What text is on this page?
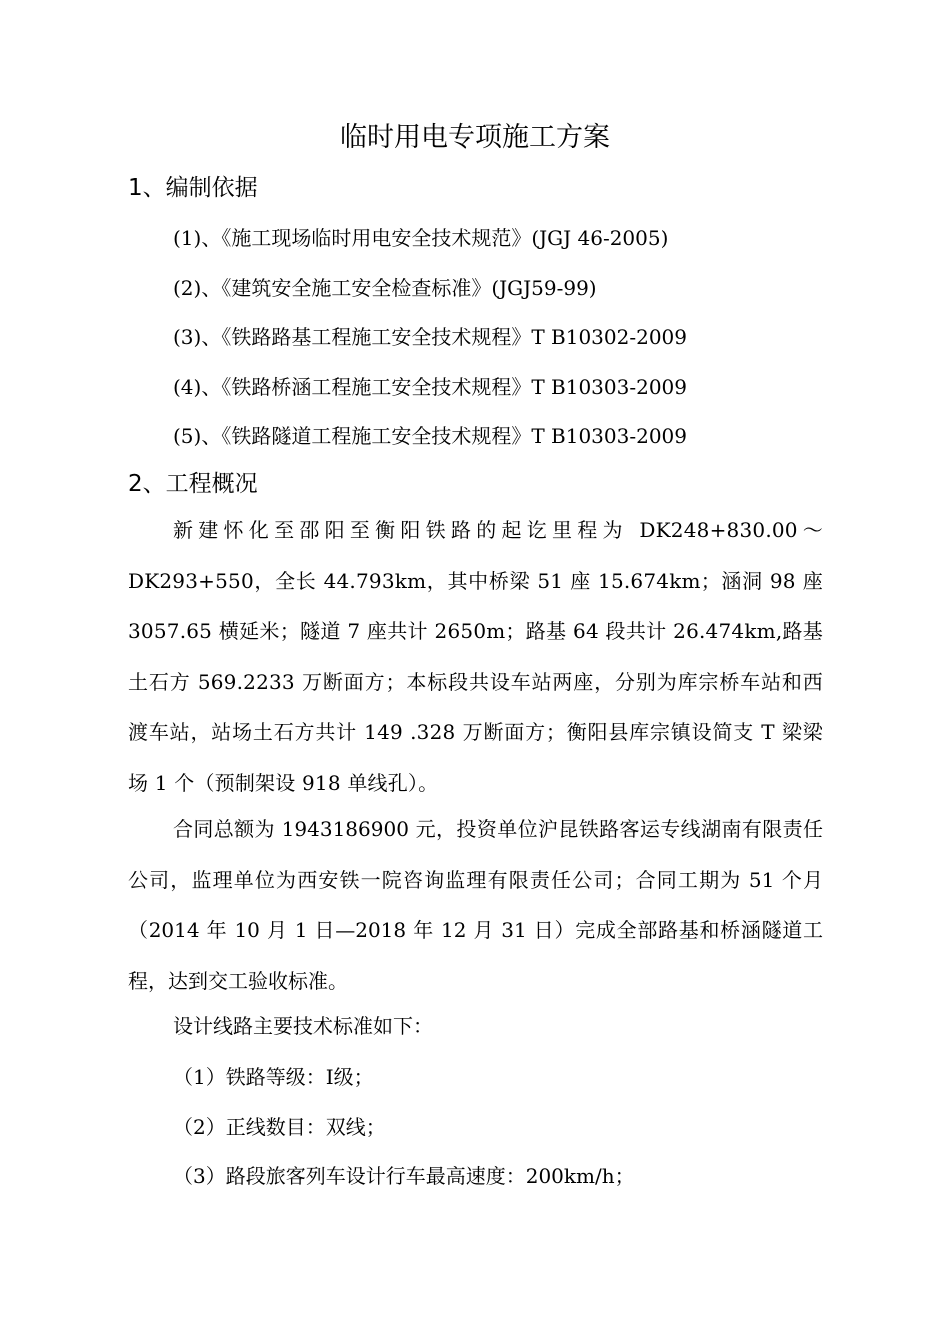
临时用电专项施工方案
1、编制依据
(1)、《施工现场临时用电安全技术规范》(JGJ 46-2005)
(2)、《建筑安全施工安全检查标准》(JGJ59-99)
(3)、《铁路路基工程施工安全技术规程》T B10302-2009
(4)、《铁路桥涵工程施工安全技术规程》T B10303-2009
(5)、《铁路隧道工程施工安全技术规程》T B10303-2009
2、工程概况

新建怀化至邵阳至衡阳铁路的起讫里程为 DK248+830.00～DK293+550，全长 44.793km，其中桥梁 51 座 15.674km；涵洞 98 座 3057.65 横延米；隧道 7 座共计 2650m；路基 64 段共计 26.474km,路基土石方 569.2233 万断面方；本标段共设车站两座，分别为库宗桥车站和西渡车站，站场土石方共计 149 .328 万断面方；衡阳县库宗镇设简支 T 梁梁场 1 个（预制架设 918 单线孔）。

合同总额为 1943186900 元，投资单位沪昆铁路客运专线湖南有限责任公司，监理单位为西安铁一院咨询监理有限责任公司；合同工期为 51 个月（2014 年 10 月 1 日—2018 年 12 月 31 日）完成全部路基和桥涵隧道工程，达到交工验收标准。

设计线路主要技术标准如下：

（1）铁路等级：Ⅰ级；
（2）正线数目：双线；
（3）路段旅客列车设计行车最高速度：200km/h；
